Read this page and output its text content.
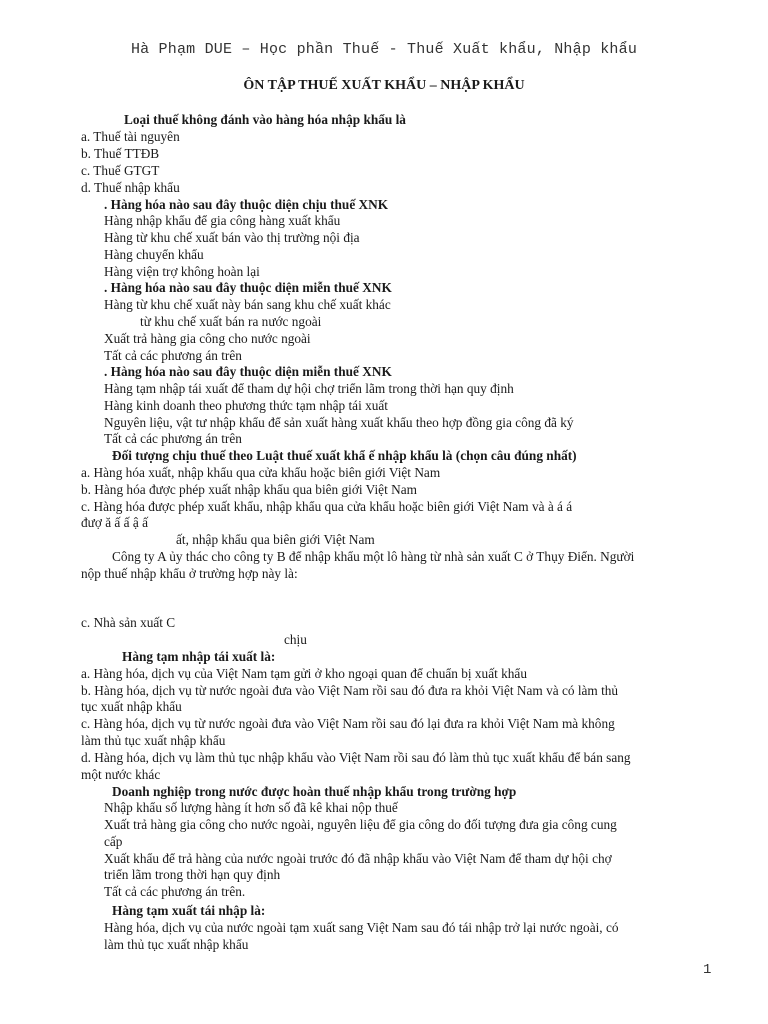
Hà Phạm DUE – Học phần Thuế - Thuế Xuất khẩu, Nhập khẩu
ÔN TẬP THUẾ XUẤT KHẨU – NHẬP KHẨU
Loại thuế không đánh vào hàng hóa nhập khẩu là
a. Thuế tài nguyên
b. Thuế TTĐB
c. Thuế GTGT
d. Thuế nhập khẩu
. Hàng hóa nào sau đây thuộc diện chịu thuế XNK
Hàng nhập khẩu để gia công hàng xuất khẩu
Hàng từ khu chế xuất bán vào thị trường nội địa
Hàng chuyển khẩu
Hàng viện trợ không hoàn lại
. Hàng hóa nào sau đây thuộc diện miễn thuế XNK
Hàng từ khu chế xuất này bán sang khu chế xuất khác
từ khu chế xuất bán ra nước ngoài
Xuất trả hàng gia công cho nước ngoài
Tất cả các phương án trên
. Hàng hóa nào sau đây thuộc diện miễn thuế XNK
Hàng tạm nhập tái xuất để tham dự hội chợ triển lãm trong thời hạn quy định
Hàng kinh doanh theo phương thức tạm nhập tái xuất
Nguyên liệu, vật tư nhập khẩu để sản xuất hàng xuất khẩu theo hợp đồng gia công đã ký
Tất cả các phương án trên
Đối tượng chịu thuế theo Luật thuế xuất khẩ ế nhập khẩu là (chọn câu đúng nhất)
a. Hàng hóa xuất, nhập khẩu qua cửa khẩu hoặc biên giới Việt Nam
b. Hàng hóa được phép xuất nhập khẩu qua biên giới Việt Nam
c. Hàng hóa được phép xuất khẩu, nhập khẩu qua cửa khẩu hoặc biên giới Việt Nam và à á á
đượ ă ấ ấ ậ ấ
ất, nhập khẩu qua biên giới Việt Nam
Công ty A ủy thác cho công ty B để nhập khẩu một lô hàng từ nhà sản xuất C ở Thụy Điển. Người
nộp thuế nhập khẩu ở trường hợp này là:
c. Nhà sản xuất C
chịu
Hàng tạm nhập tái xuất là:
a. Hàng hóa, dịch vụ của Việt Nam tạm gửi ở kho ngoại quan để chuẩn bị xuất khẩu
b. Hàng hóa, dịch vụ từ nước ngoài đưa vào Việt Nam rồi sau đó đưa ra khỏi Việt Nam và có làm thủ
tục xuất nhập khẩu
c. Hàng hóa, dịch vụ từ nước ngoài đưa vào Việt Nam rồi sau đó lại đưa ra khỏi Việt Nam mà không
làm thủ tục xuất nhập khẩu
d. Hàng hóa, dịch vụ làm thủ tục nhập khẩu vào Việt Nam rồi sau đó làm thủ tục xuất khẩu để bán sang
một nước khác
Doanh nghiệp trong nước được hoàn thuế nhập khẩu trong trường hợp
Nhập khẩu số lượng hàng ít hơn số đã kê khai nộp thuế
Xuất trả hàng gia công cho nước ngoài, nguyên liệu để gia công do đối tượng đưa gia công cung
cấp
Xuất khẩu để trả hàng của nước ngoài trước đó đã nhập khẩu vào Việt Nam để tham dự hội chợ
triển lãm trong thời hạn quy định
Tất cả các phương án trên.
Hàng tạm xuất tái nhập là:
Hàng hóa, dịch vụ của nước ngoài tạm xuất sang Việt Nam sau đó tái nhập trở lại nước ngoài, có
làm thủ tục xuất nhập khẩu
1
